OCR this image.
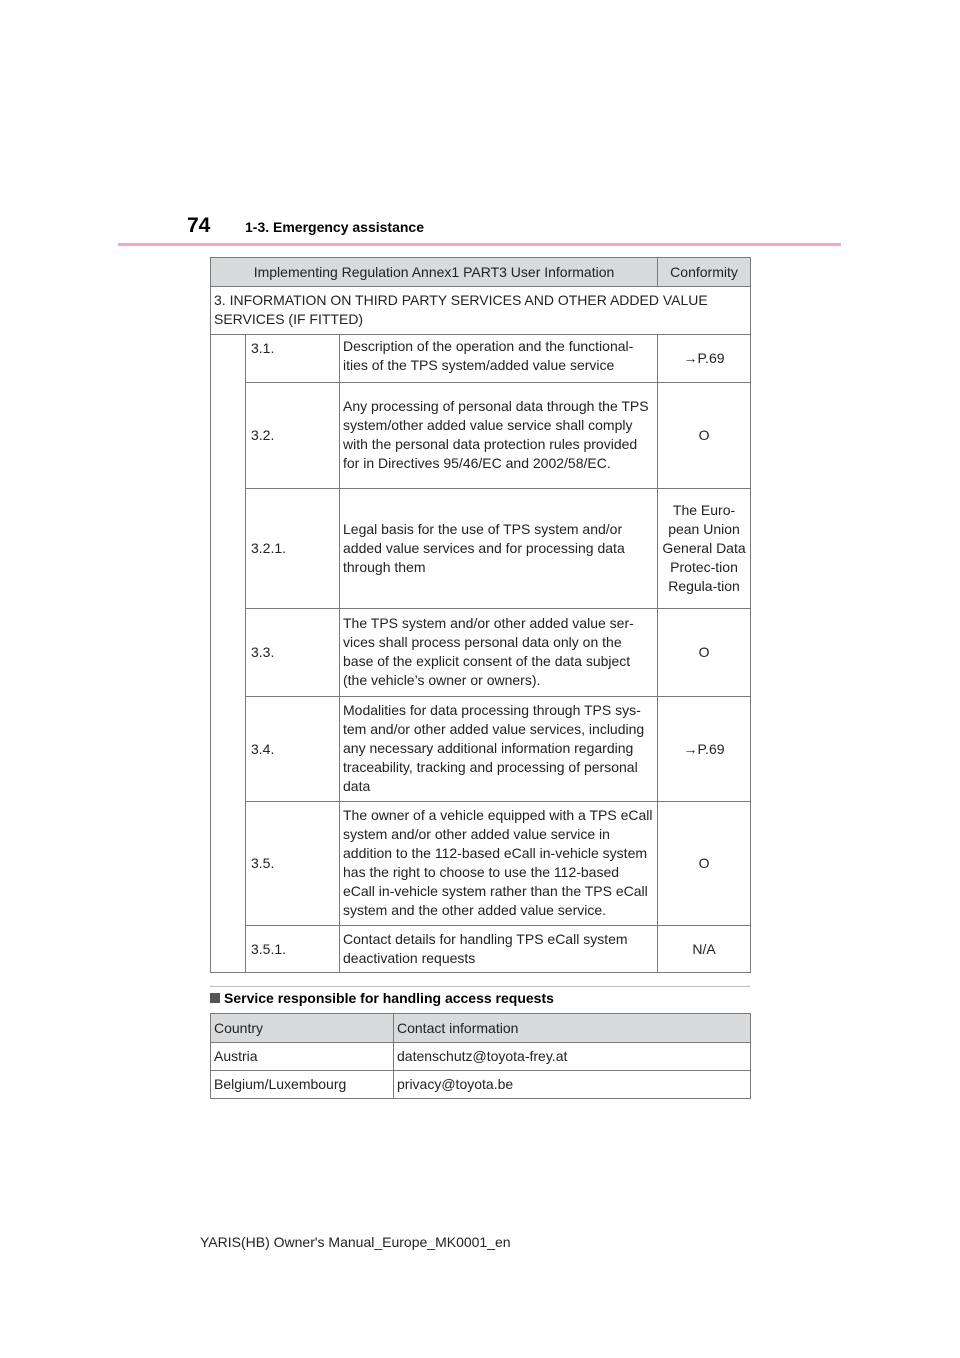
74 1-3. Emergency assistance
Implementing Regulation Annex1 PART3 User Information			Conformity
3. INFORMATION ON THIRD PARTY SERVICES AND OTHER ADDED VALUE SERVICES (IF FITTED)			
	3.1.	Description of the operation and the functional-ities of the TPS system/added value service	→P.69
	3.2.	Any processing of personal data through the TPS system/other added value service shall comply with the personal data protection rules provided for in Directives 95/46/EC and 2002/58/EC.	O
	3.2.1.	Legal basis for the use of TPS system and/or added value services and for processing data through them	The Euro-pean Union General Data Protec-tion Regula-tion
	3.3.	The TPS system and/or other added value ser-vices shall process personal data only on the base of the explicit consent of the data subject (the vehicle’s owner or owners).	O
	3.4.	Modalities for data processing through TPS sys-tem and/or other added value services, including any necessary additional information regarding traceability, tracking and processing of personal data	→P.69
	3.5.	The owner of a vehicle equipped with a TPS eCall system and/or other added value service in addition to the 112-based eCall in-vehicle system has the right to choose to use the 112-based eCall in-vehicle system rather than the TPS eCall system and the other added value service.	O
	3.5.1.	Contact details for handling TPS eCall system deactivation requests	N/A
Service responsible for handling access requests
Country	Contact information
Austria	datenschutz@toyota-frey.at
Belgium/Luxembourg	privacy@toyota.be
YARIS(HB) Owner's Manual_Europe_MK0001_en
